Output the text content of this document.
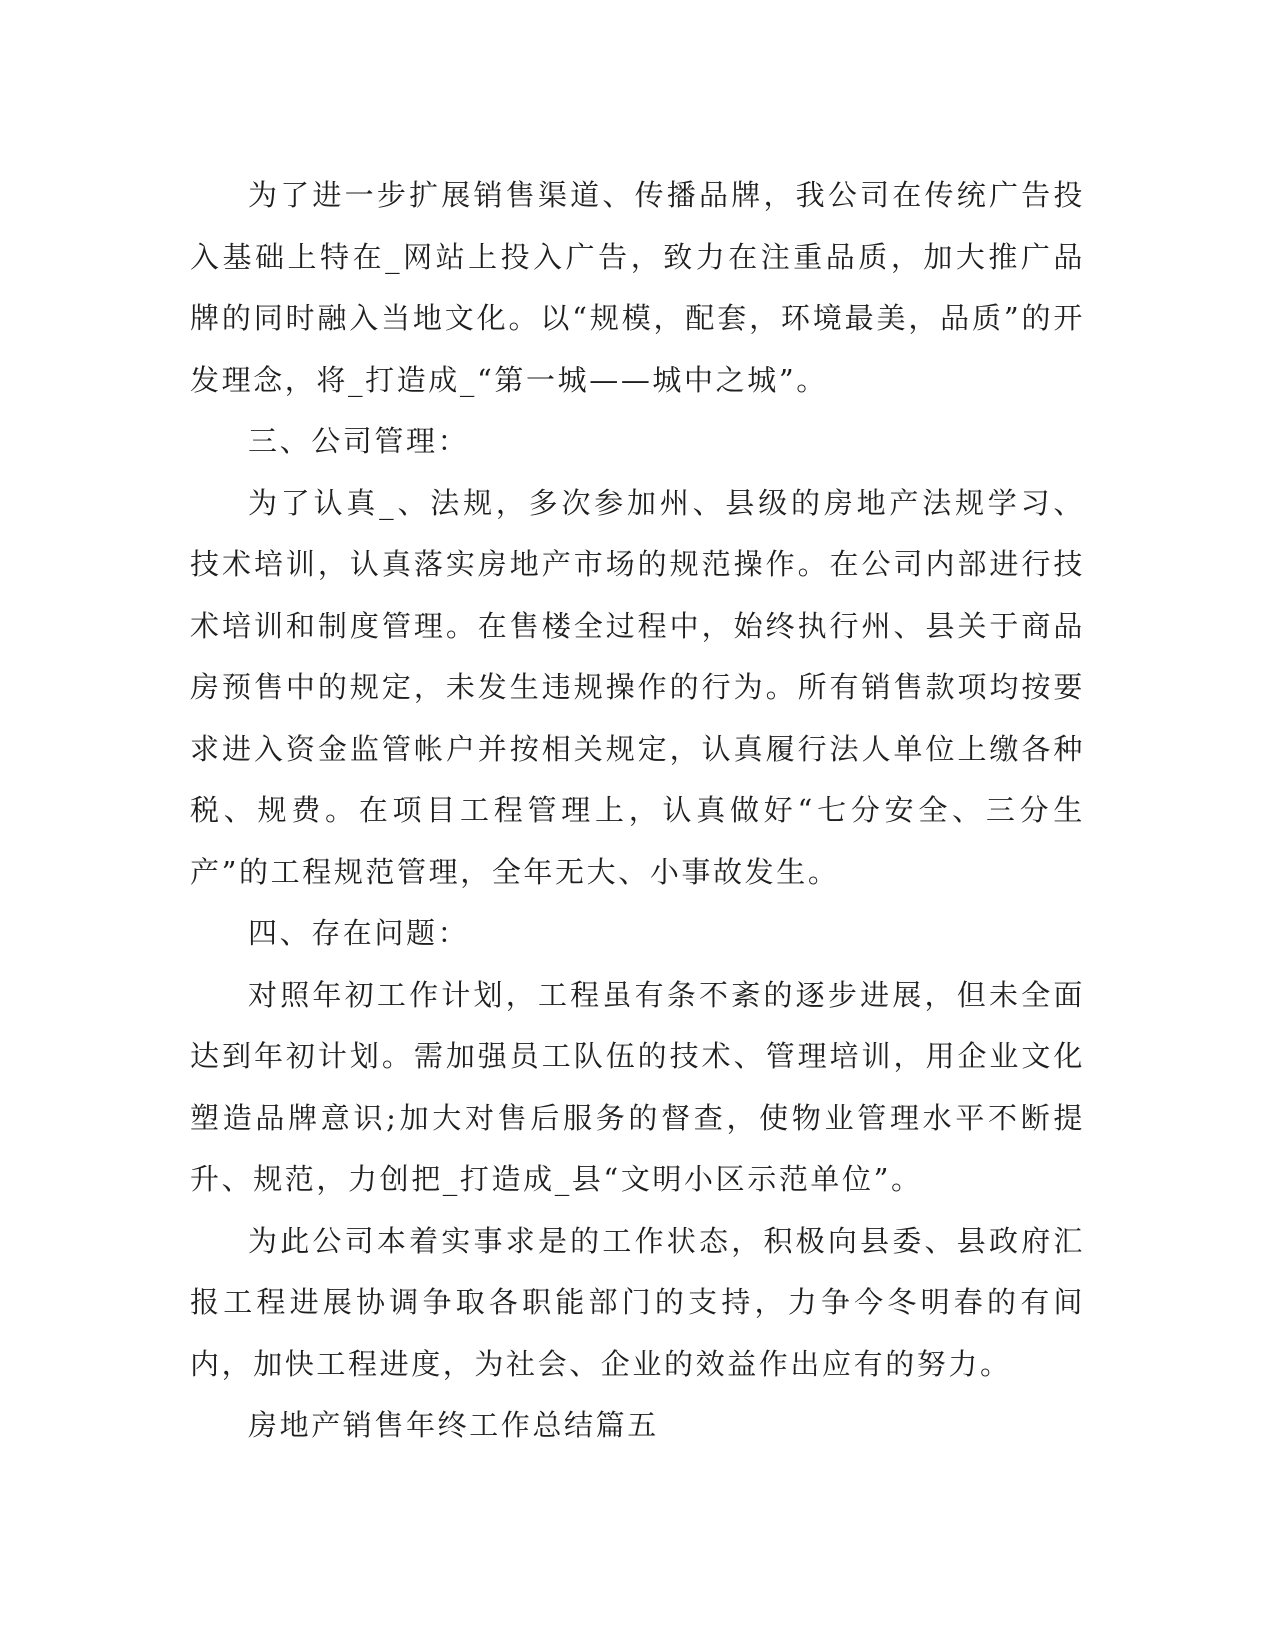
为了进一步扩展销售渠道、传播品牌，我公司在传统广告投入基础上特在_网站上投入广告，致力在注重品质，加大推广品牌的同时融入当地文化。以“规模，配套，环境最美，品质”的开发理念，将_打造成_“第一城——城中之城”。

三、公司管理：

为了认真_、法规，多次参加州、县级的房地产法规学习、技术培训，认真落实房地产市场的规范操作。在公司内部进行技术培训和制度管理。在售楼全过程中，始终执行州、县关于商品房预售中的规定，未发生违规操作的行为。所有销售款项均按要求进入资金监管帐户并按相关规定，认真履行法人单位上缴各种税、规费。在项目工程管理上，认真做好“七分安全、三分生产”的工程规范管理，全年无大、小事故发生。

四、存在问题：

对照年初工作计划，工程虽有条不紊的逐步进展，但未全面达到年初计划。需加强员工队伍的技术、管理培训，用企业文化塑造品牌意识;加大对售后服务的督查，使物业管理水平不断提升、规范，力创把_打造成_县“文明小区示范单位”。

为此公司本着实事求是的工作状态，积极向县委、县政府汇报工程进展协调争取各职能部门的支持，力争今冬明春的有间内，加快工程进度，为社会、企业的效益作出应有的努力。

房地产销售年终工作总结篇五
